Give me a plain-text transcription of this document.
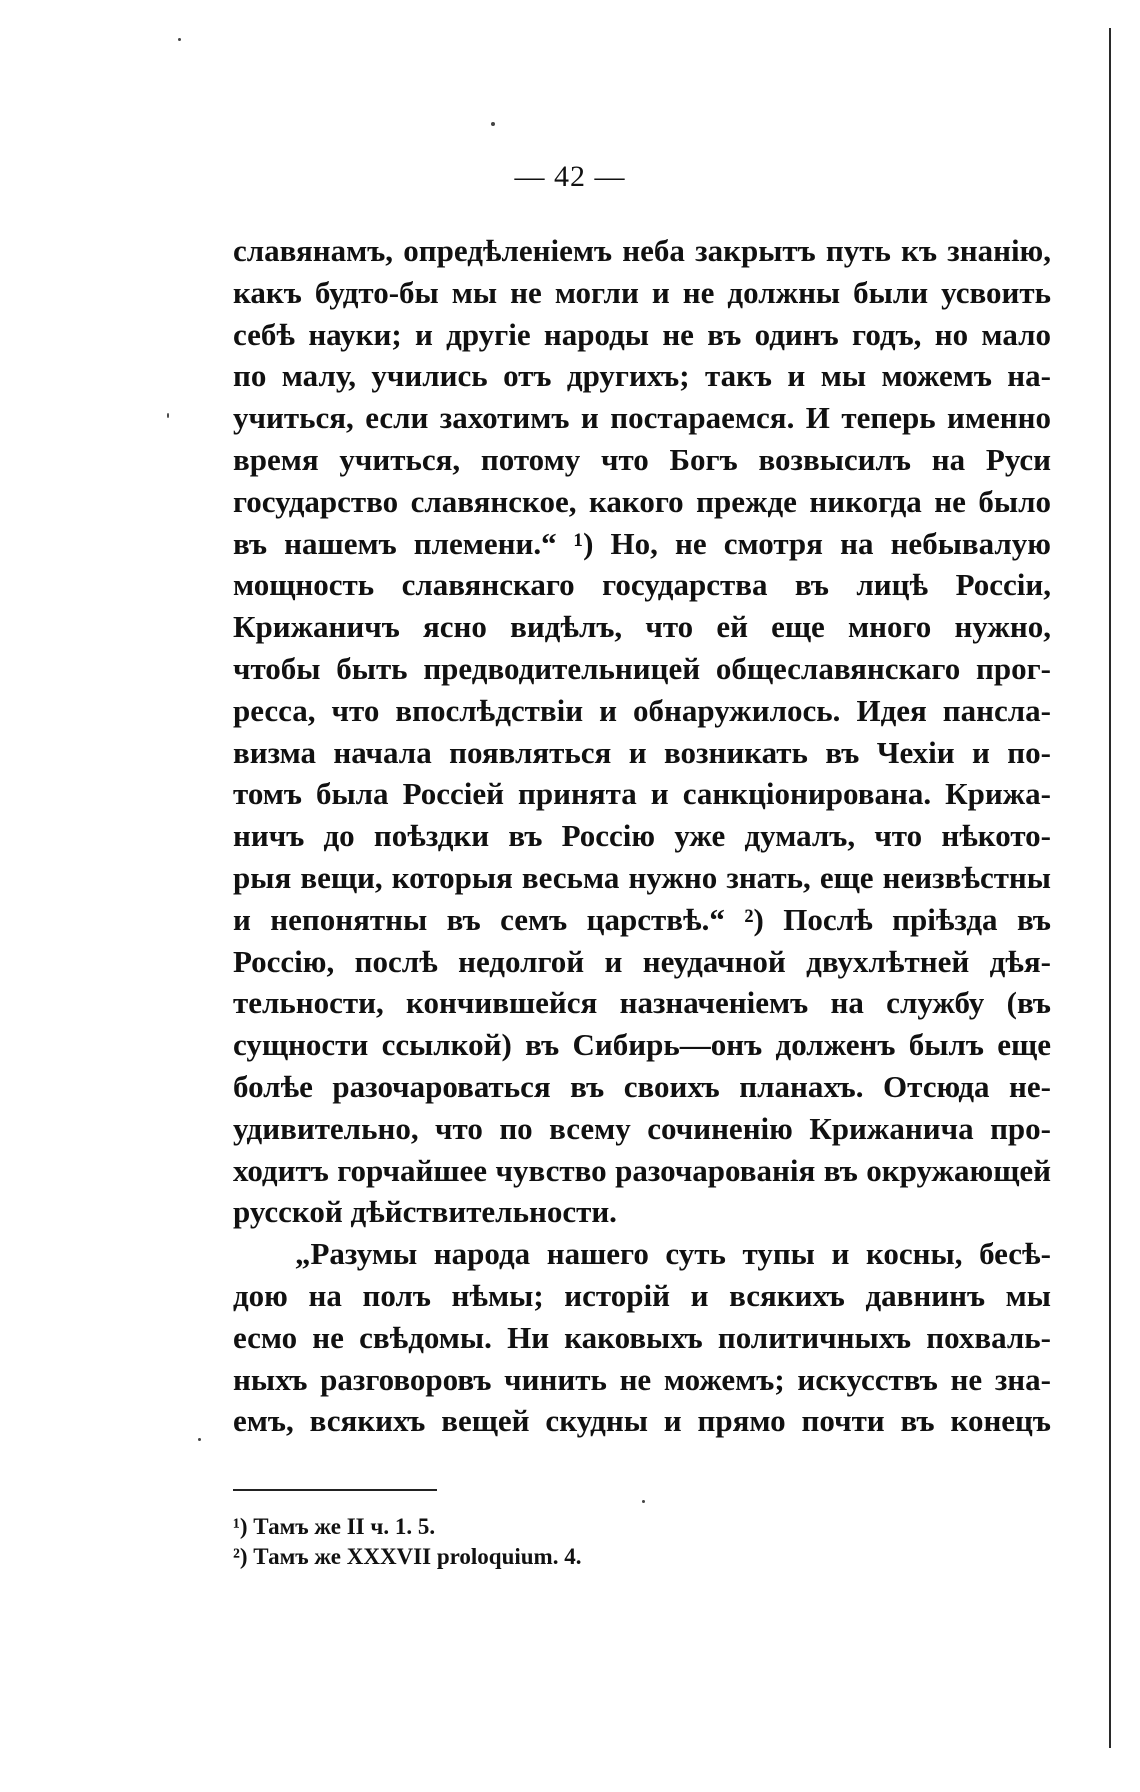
— 42 —
славянамъ, опредѣленіемъ неба закрытъ путь къ знанію,
какъ будто-бы мы не могли и не должны были усвоить
себѣ науки; и другіе народы не въ одинъ годъ, но мало
по малу, учились отъ другихъ; такъ и мы можемъ на-
учиться, если захотимъ и постараемся. И теперь именно
время учиться, потому что Богъ возвысилъ на Руси
государство славянское, какого прежде никогда не было
въ нашемъ племени.“ ¹) Но, не смотря на небывалую
мощность славянскаго государства въ лицѣ Россіи,
Крижаничъ ясно видѣлъ, что ей еще много нужно,
чтобы быть предводительницей общеславянскаго прог-
ресса, что впослѣдствіи и обнаружилось. Идея пансла-
визма начала появляться и возникать въ Чехіи и по-
томъ была Россіей принята и санкціонирована. Крижа-
ничъ до поѣздки въ Россію уже думалъ, что нѣкото-
рыя вещи, которыя весьма нужно знать, еще неизвѣстны
и непонятны въ семъ царствѣ.“ ²) Послѣ пріѣзда въ
Россію, послѣ недолгой и неудачной двухлѣтней дѣя-
тельности, кончившейся назначеніемъ на службу (въ
сущности ссылкой) въ Сибирь—онъ долженъ былъ еще
болѣе разочароваться въ своихъ планахъ. Отсюда не-
удивительно, что по всему сочиненію Крижанича про-
ходитъ горчайшее чувство разочарованія въ окружающей
русской дѣйствительности.
„Разумы народа нашего суть тупы и косны, бесѣ-
дою на полъ нѣмы; исторій и всякихъ давнинъ мы
есмо не свѣдомы. Ни каковыхъ политичныхъ похваль-
ныхъ разговоровъ чинить не можемъ; искусствъ не зна-
емъ, всякихъ вещей скудны и прямо почти въ конецъ
¹) Тамъ же II ч. 1. 5.
²) Тамъ же XXXVII proloquium. 4.
